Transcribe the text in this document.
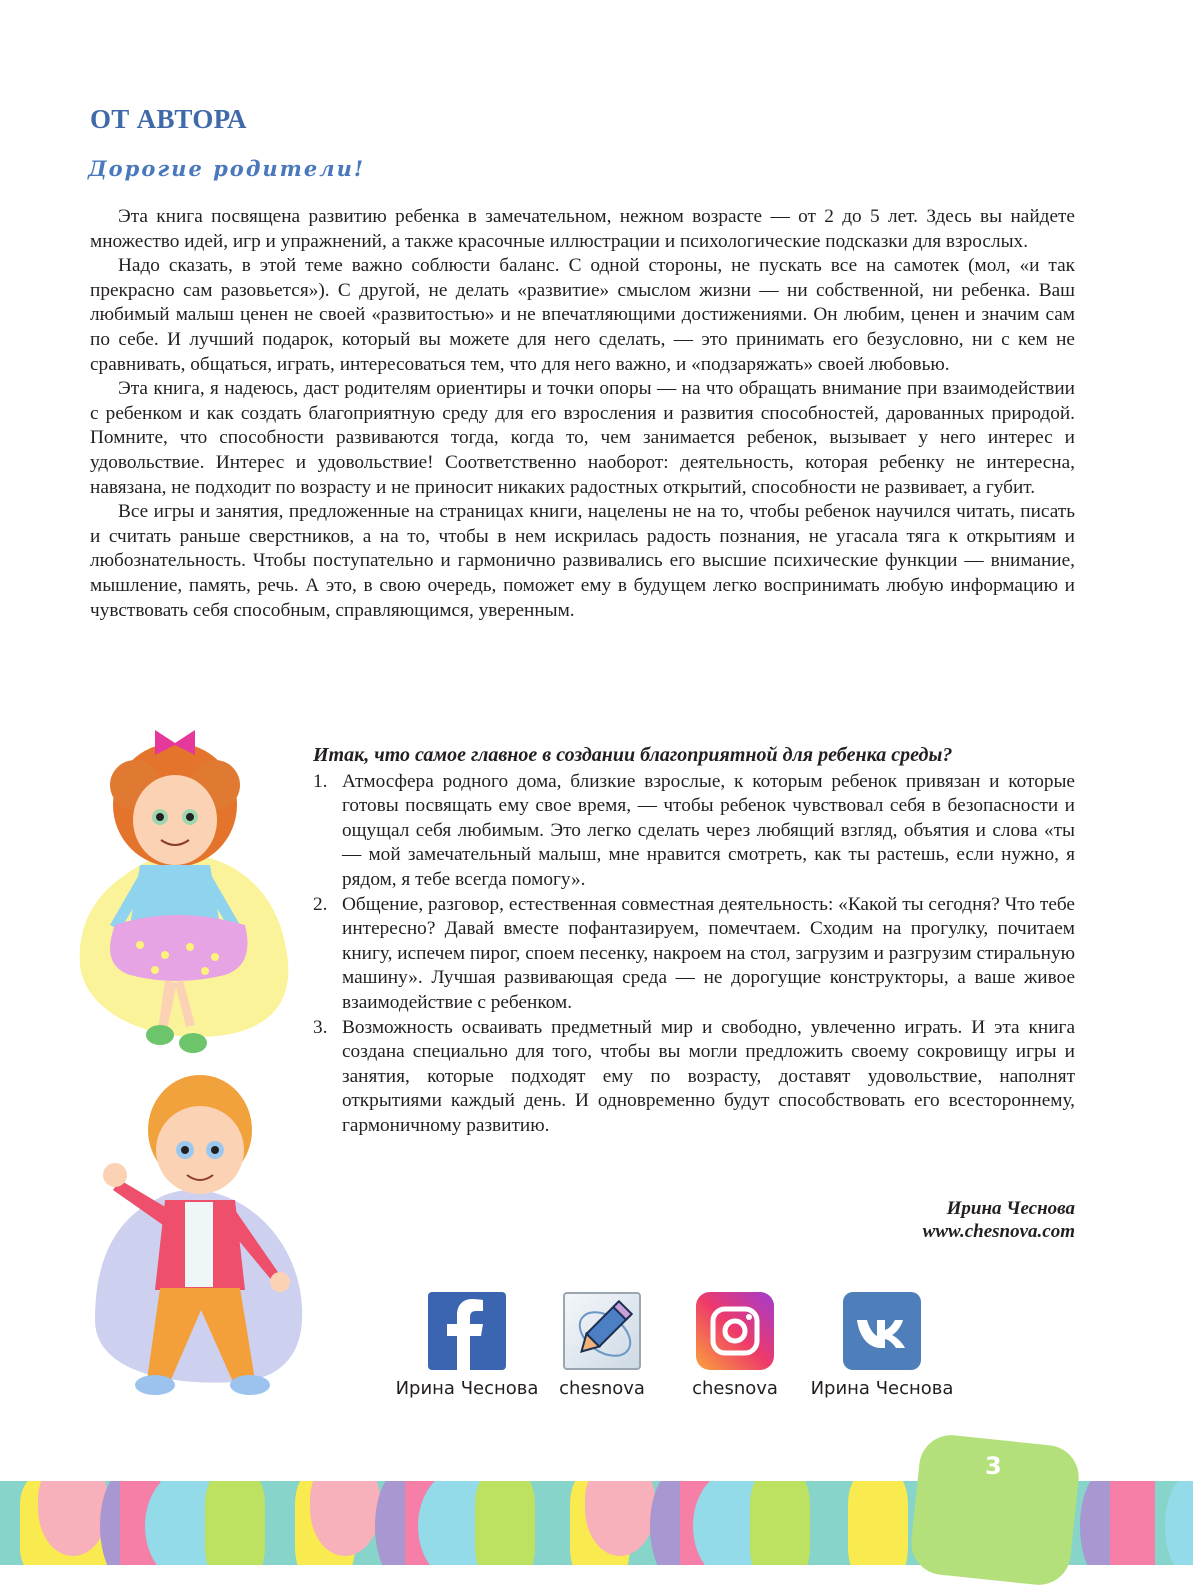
ОТ АВТОРА
Дорогие родители!

Эта книга посвящена развитию ребенка в замечательном, нежном возрасте — от 2 до 5 лет. Здесь вы найдете множество идей, игр и упражнений, а также красочные иллюстрации и психологические подсказки для взрослых.

Надо сказать, в этой теме важно соблюсти баланс. С одной стороны, не пускать все на самотек (мол, «и так прекрасно сам разовьется»). С другой, не делать «развитие» смыслом жизни — ни собственной, ни ребенка. Ваш любимый малыш ценен не своей «развитостью» и не впечатляющими достижениями. Он любим, ценен и значим сам по себе. И лучший подарок, который вы можете для него сделать, — это принимать его безусловно, ни с кем не сравнивать, общаться, играть, интересоваться тем, что для него важно, и «подзаряжать» своей любовью.

Эта книга, я надеюсь, даст родителям ориентиры и точки опоры — на что обращать внимание при взаимодействии с ребенком и как создать благоприятную среду для его взросления и развития способностей, дарованных природой. Помните, что способности развиваются тогда, когда то, чем занимается ребенок, вызывает у него интерес и удовольствие. Интерес и удовольствие! Соответственно наоборот: деятельность, которая ребенку не интересна, навязана, не подходит по возрасту и не приносит никаких радостных открытий, способности не развивает, а губит.

Все игры и занятия, предложенные на страницах книги, нацелены не на то, чтобы ребенок научился читать, писать и считать раньше сверстников, а на то, чтобы в нем искрилась радость познания, не угасала тяга к открытиям и любознательность. Чтобы поступательно и гармонично развивались его высшие психические функции — внимание, мышление, память, речь. А это, в свою очередь, поможет ему в будущем легко воспринимать любую информацию и чувствовать себя способным, справляющимся, уверенным.

Итак, что самое главное в создании благоприятной для ребенка среды?
1. Атмосфера родного дома, близкие взрослые, к которым ребенок привязан и которые готовы посвящать ему свое время, — чтобы ребенок чувствовал себя в безопасности и ощущал себя любимым. Это легко сделать через любящий взгляд, объятия и слова «ты — мой замечательный малыш, мне нравится смотреть, как ты растешь, если нужно, я рядом, я тебе всегда помогу».
2. Общение, разговор, естественная совместная деятельность: «Какой ты сегодня? Что тебе интересно? Давай вместе пофантазируем, помечтаем. Сходим на прогулку, почитаем книгу, испечем пирог, споем песенку, накроем на стол, загрузим и разгрузим стиральную машину». Лучшая развивающая среда — не дорогущие конструкторы, а ваше живое взаимодействие с ребенком.
3. Возможность осваивать предметный мир и свободно, увлеченно играть. И эта книга создана специально для того, чтобы вы могли предложить своему сокровищу игры и занятия, которые подходят ему по возрасту, доставят удовольствие, наполнят открытиями каждый день. И одновременно будут способствовать его всестороннему, гармоничному развитию.
Ирина Чеснова
www.chesnova.com
Ирина Чеснова	chesnova	chesnova	Ирина Чеснова
3
